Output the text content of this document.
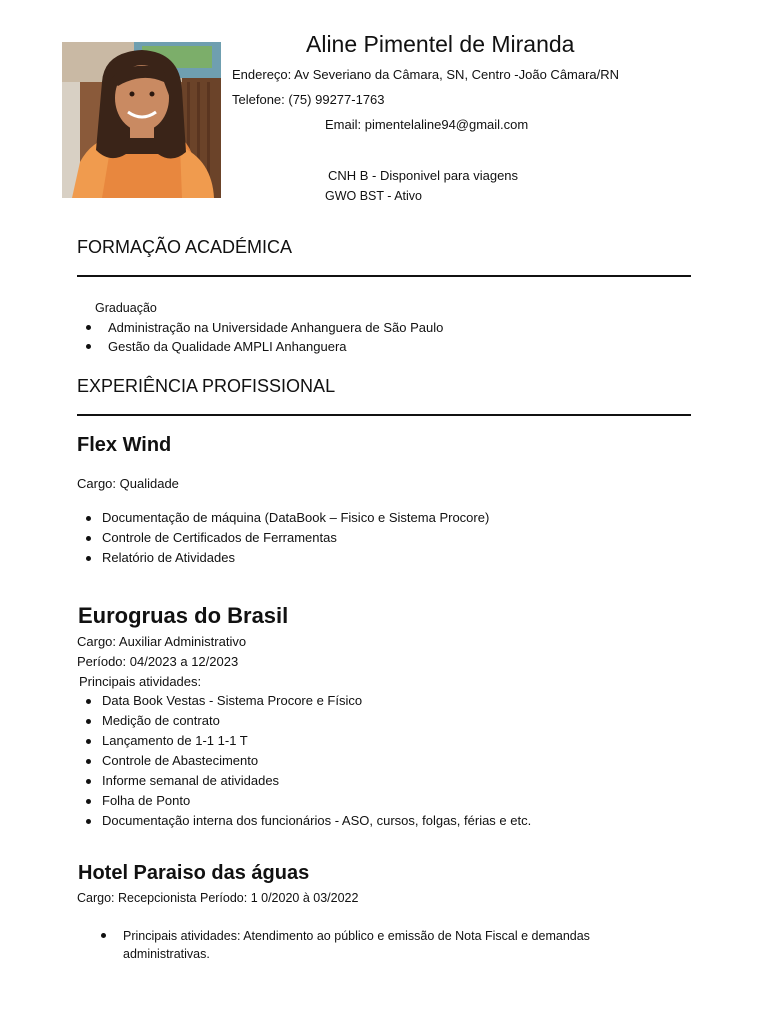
Aline Pimentel de Miranda
Endereço: Av Severiano da Câmara, SN, Centro -João Câmara/RN
Telefone: (75) 99277-1763
Email: pimentelaline94@gmail.com
CNH B - Disponivel para viagens
GWO BST - Ativo
FORMAÇÃO ACADÉMICA
Graduação
Administração na Universidade Anhanguera de São Paulo
Gestão da Qualidade AMPLI Anhanguera
EXPERIÊNCIA PROFISSIONAL
Flex Wind
Cargo: Qualidade
Documentação de máquina (DataBook – Fisico e Sistema Procore)
Controle de Certificados de Ferramentas
Relatório de Atividades
Eurogruas do Brasil
Cargo: Auxiliar Administrativo
Período: 04/2023 a 12/2023
Principais atividades:
Data Book Vestas - Sistema Procore e Físico
Medição de contrato
Lançamento de 1-1 1-1 T
Controle de Abastecimento
Informe semanal de atividades
Folha de Ponto
Documentação interna dos funcionários - ASO, cursos, folgas, férias e etc.
Hotel Paraiso das águas
Cargo: Recepcionista Período: 1 0/2020 à 03/2022
Principais atividades: Atendimento ao público e emissão de Nota Fiscal e demandas administrativas.
